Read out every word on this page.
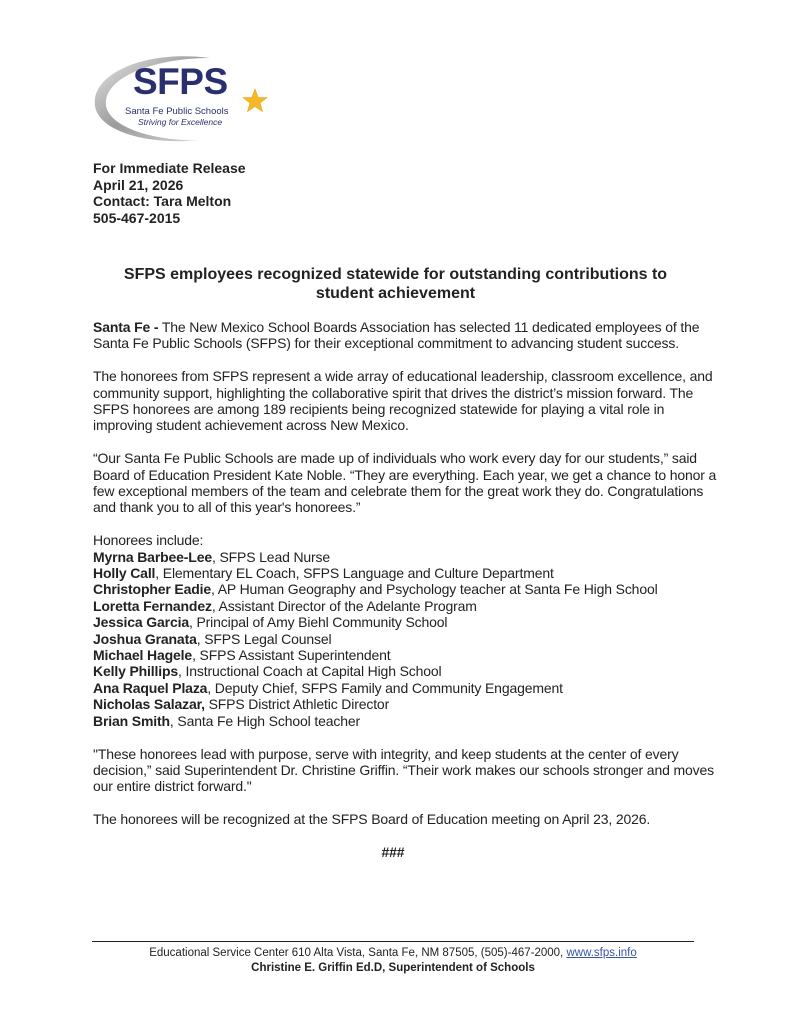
SFPS
Santa Fe Public Schools
Striving for Excellence
For Immediate Release
April 21, 2026
Contact: Tara Melton
505-467-2015
SFPS employees recognized statewide for outstanding contributions to student achievement

Santa Fe - The New Mexico School Boards Association has selected 11 dedicated employees of the Santa Fe Public Schools (SFPS) for their exceptional commitment to advancing student success.

The honorees from SFPS represent a wide array of educational leadership, classroom excellence, and community support, highlighting the collaborative spirit that drives the district’s mission forward. The SFPS honorees are among 189 recipients being recognized statewide for playing a vital role in improving student achievement across New Mexico.

“Our Santa Fe Public Schools are made up of individuals who work every day for our students,” said Board of Education President Kate Noble. “They are everything. Each year, we get a chance to honor a few exceptional members of the team and celebrate them for the great work they do. Congratulations and thank you to all of this year's honorees.”

Honorees include:
Myrna Barbee-Lee, SFPS Lead Nurse
Holly Call, Elementary EL Coach, SFPS Language and Culture Department
Christopher Eadie, AP Human Geography and Psychology teacher at Santa Fe High School
Loretta Fernandez, Assistant Director of the Adelante Program
Jessica Garcia, Principal of Amy Biehl Community School
Joshua Granata, SFPS Legal Counsel
Michael Hagele, SFPS Assistant Superintendent
Kelly Phillips, Instructional Coach at Capital High School
Ana Raquel Plaza, Deputy Chief, SFPS Family and Community Engagement
Nicholas Salazar, SFPS District Athletic Director
Brian Smith, Santa Fe High School teacher

"These honorees lead with purpose, serve with integrity, and keep students at the center of every decision,” said Superintendent Dr. Christine Griffin. “Their work makes our schools stronger and moves our entire district forward."

The honorees will be recognized at the SFPS Board of Education meeting on April 23, 2026.

###
Educational Service Center 610 Alta Vista, Santa Fe, NM 87505, (505)-467-2000, www.sfps.info
Christine E. Griffin Ed.D, Superintendent of Schools
